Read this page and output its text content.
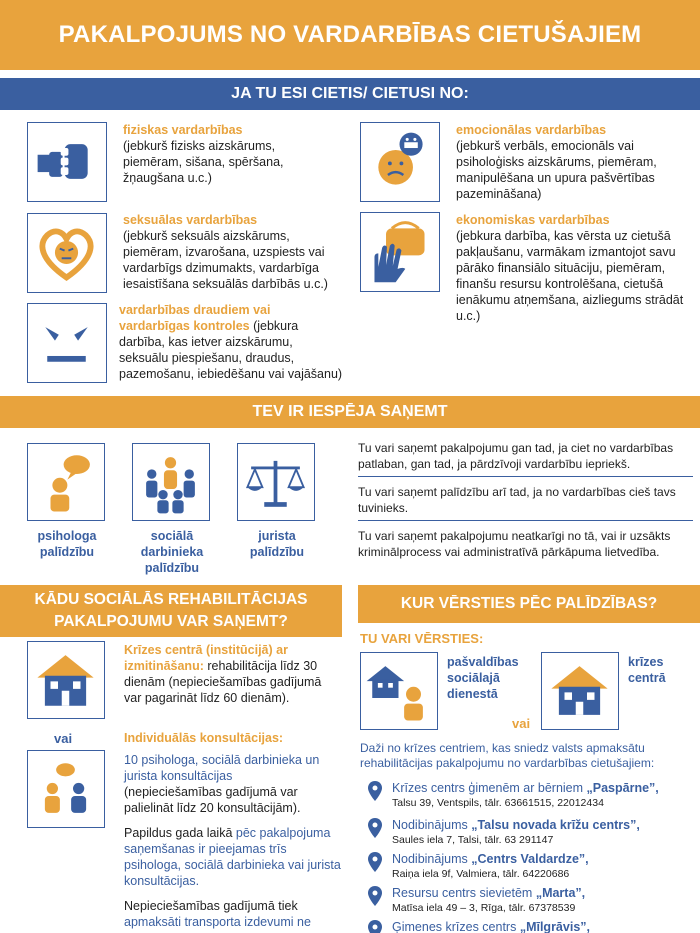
PAKALPOJUMS NO VARDARBĪBAS CIETUŠAJIEM
JA TU ESI CIETIS/ CIETUSI NO:
fiziskas vardarbības
(jebkurš fizisks aizskārums, piemēram, sišana, spēršana, žņaugšana u.c.)
emocionālas vardarbības
(jebkurš verbāls, emocionāls vai psiholoģisks aizskārums, piemēram, manipulēšana un upura pašvērtības pazemināšana)
seksuālas vardarbības
(jebkurš seksuāls aizskārums, piemēram, izvarošana, uzspiests vai vardarbīgs dzimumakts, vardarbīga iesaistīšana seksuālās darbībās u.c.)
ekonomiskas vardarbības
(jebkura darbība, kas vērsta uz cietušā pakļaušanu, varmākam izmantojot savu pārāko finansiālo situāciju, piemēram, finanšu resursu kontrolēšana, cietušā ienākumu atņemšana, aizliegums strādāt u.c.)
vardarbības draudiem vai vardarbīgas kontroles (jebkura darbība, kas ietver aizskārumu, seksuālu piespiešanu, draudus, pazemošanu, iebiedēšanu vai vajāšanu)
TEV IR IESPĒJA SAŅEMT
psihologa palīdzību
sociālā darbinieka palīdzību
jurista palīdzību
Tu vari saņemt pakalpojumu gan tad, ja ciet no vardarbības patlaban, gan tad, ja pārdzīvoji vardarbību iepriekš.
Tu vari saņemt palīdzību arī tad, ja no vardarbības cieš tavs tuvinieks.
Tu vari saņemt pakalpojumu neatkarīgi no tā, vai ir uzsākts kriminālprocess vai administratīvā pārkāpuma lietvedība.
KĀDU SOCIĀLĀS REHABILITĀCIJAS
PAKALPOJUMU VAR SAŅEMT?
KUR VĒRSTIES PĒC PALĪDZĪBAS?
Krīzes centrā (institūcijā) ar izmitināšanu: rehabilitācija līdz 30 dienām (nepieciešamības gadījumā var pagarināt līdz 60 dienām).
vai	Individuālās konsultācijas:
10 psihologa, sociālā darbinieka un jurista konsultācijas
(nepieciešamības gadījumā var palielināt līdz 20 konsultācijām).
Papildus gada laikā pēc pakalpojuma saņemšanas ir pieejamas trīs psihologa, sociālā darbinieka vai jurista konsultācijas.
Nepieciešamības gadījumā tiek
apmaksāti transporta izdevumi ne
TU VARI VĒRSTIES:
pašvaldības sociālajā dienestā
vai
krīzes centrā
Daži no krīzes centriem, kas sniedz valsts apmaksātu rehabilitācijas pakalpojumu no vardarbības cietušajiem:
Krīzes centrs ģimenēm ar bērniem „Paspārne”,
Talsu 39, Ventspils, tālr. 63661515, 22012434
Nodibinājums „Talsu novada krīžu centrs”,
Saules iela 7, Talsi, tālr. 63 291147
Nodibinājums „Centrs Valdardze”,
Raiņa iela 9f, Valmiera, tālr. 64220686
Resursu centrs sievietēm „Marta”,
Matīsa iela 49 – 3, Rīga, tālr. 67378539
Ģimenes krīzes centrs „Mīlgrāvis”,
